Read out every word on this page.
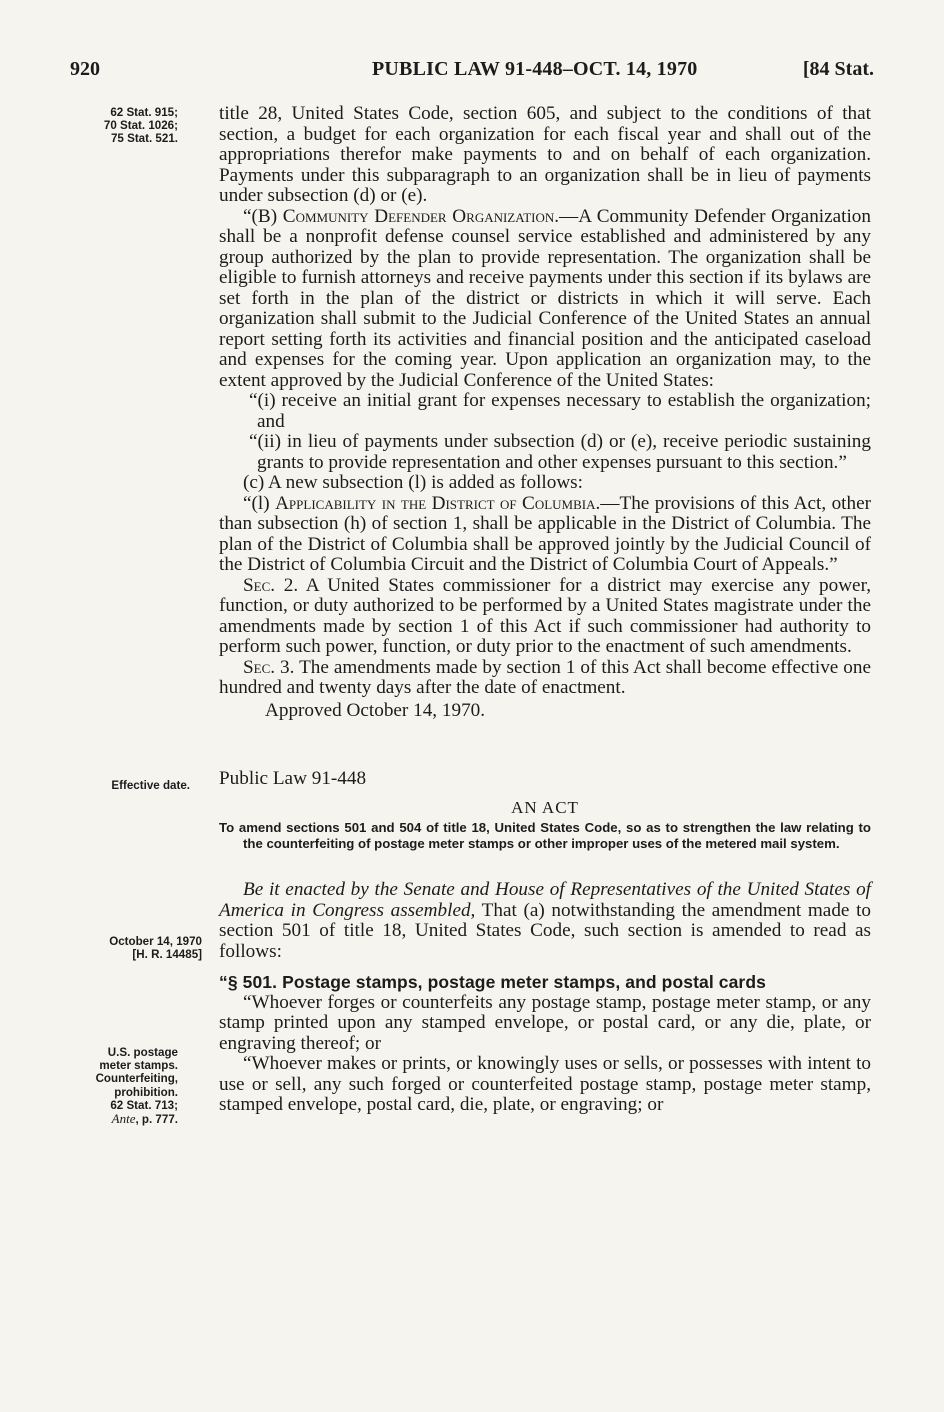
920	PUBLIC LAW 91-448–OCT. 14, 1970	[84 Stat.
62 Stat. 915;
70 Stat. 1026;
75 Stat. 521.
Effective date.
October 14, 1970
[H. R. 14485]
U.S. postage
meter stamps.
Counterfeiting,
prohibition.
62 Stat. 713;
Ante, p. 777.

title 28, United States Code, section 605, and subject to the conditions of that section, a budget for each organization for each fiscal year and shall out of the appropriations therefor make payments to and on behalf of each organization. Payments under this subparagraph to an organization shall be in lieu of payments under subsection (d) or (e).

“(B) Community Defender Organization.—A Community Defender Organization shall be a nonprofit defense counsel service established and administered by any group authorized by the plan to provide representation. The organization shall be eligible to furnish attorneys and receive payments under this section if its bylaws are set forth in the plan of the district or districts in which it will serve. Each organization shall submit to the Judicial Conference of the United States an annual report setting forth its activities and financial position and the anticipated caseload and expenses for the coming year. Upon application an organization may, to the extent approved by the Judicial Conference of the United States:

“(i) receive an initial grant for expenses necessary to establish the organization; and

“(ii) in lieu of payments under subsection (d) or (e), receive periodic sustaining grants to provide representation and other expenses pursuant to this section.”

(c) A new subsection (l) is added as follows:

“(l) Applicability in the District of Columbia.—The provisions of this Act, other than subsection (h) of section 1, shall be applicable in the District of Columbia. The plan of the District of Columbia shall be approved jointly by the Judicial Council of the District of Columbia Circuit and the District of Columbia Court of Appeals.”

Sec. 2. A United States commissioner for a district may exercise any power, function, or duty authorized to be performed by a United States magistrate under the amendments made by section 1 of this Act if such commissioner had authority to perform such power, function, or duty prior to the enactment of such amendments.

Sec. 3. The amendments made by section 1 of this Act shall become effective one hundred and twenty days after the date of enactment.

Approved October 14, 1970.

Public Law 91-448

AN ACT

To amend sections 501 and 504 of title 18, United States Code, so as to strengthen the law relating to the counterfeiting of postage meter stamps or other improper uses of the metered mail system.

Be it enacted by the Senate and House of Representatives of the United States of America in Congress assembled, That (a) notwithstanding the amendment made to section 501 of title 18, United States Code, such section is amended to read as follows:

“§ 501. Postage stamps, postage meter stamps, and postal cards

“Whoever forges or counterfeits any postage stamp, postage meter stamp, or any stamp printed upon any stamped envelope, or postal card, or any die, plate, or engraving thereof; or

“Whoever makes or prints, or knowingly uses or sells, or possesses with intent to use or sell, any such forged or counterfeited postage stamp, postage meter stamp, stamped envelope, postal card, die, plate, or engraving; or
